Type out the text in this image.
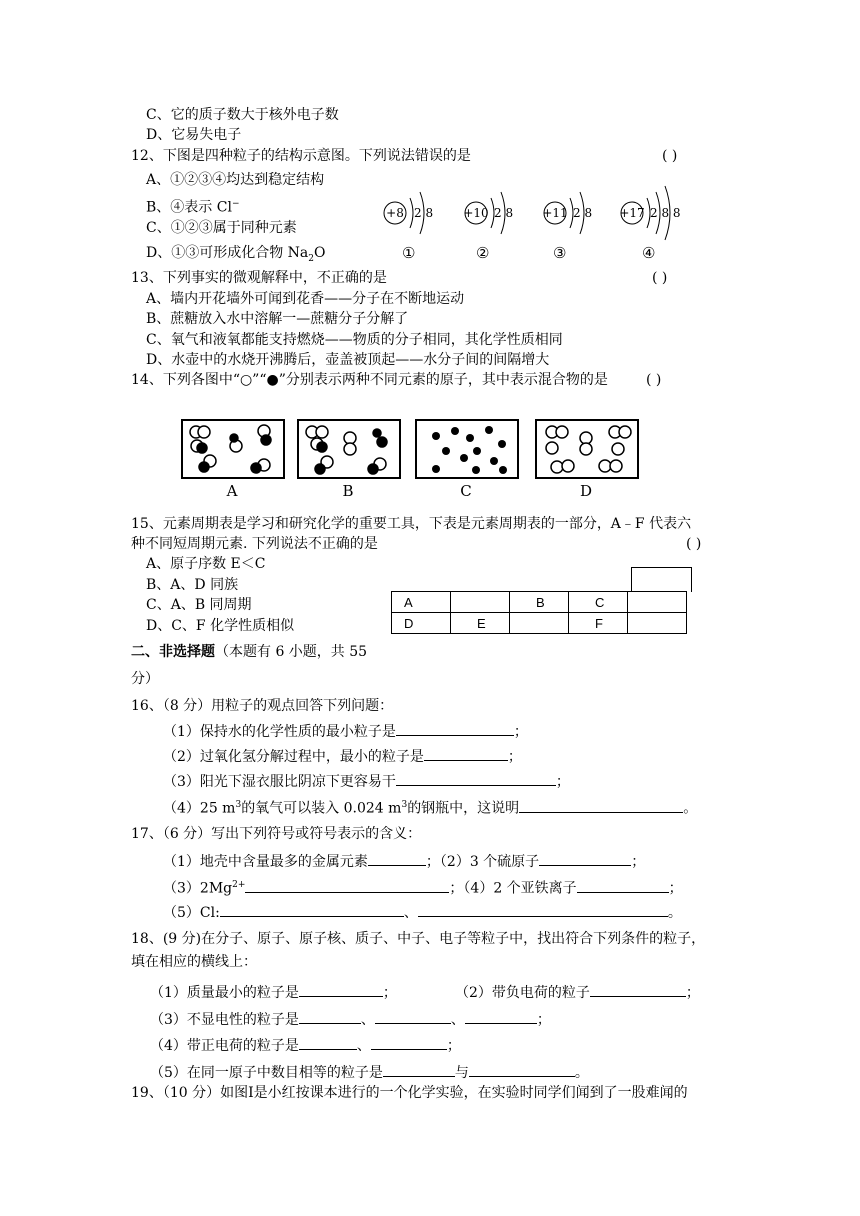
C、它的质子数大于核外电子数
D、它易失电子
12、下图是四种粒子的结构示意图。下列说法错误的是	( )
A、①②③④均达到稳定结构
B、④表示 Cl−
C、①②③属于同种元素
D、①③可形成化合物 $Na_2O$
+8 2 8	+10 2 8 +11 2 8 +17 2 8 8
①	②	③	④
13、下列事实的微观解释中，不正确的是	( )
A、墙内开花墙外可闻到花香——分子在不断地运动
B、蔗糖放入水中溶解一—蔗糖分子分解了
C、氧气和液氧都能支持燃烧——物质的分子相同，其化学性质相同
D、水壶中的水烧开沸腾后，壶盖被顶起——水分子间的间隔增大
14、下列各图中“○”“●”分别表示两种不同元素的原子，其中表示混合物的是	( )
A	B	C	D
15、元素周期表是学习和研究化学的重要工具，下表是元素周期表的一部分，A﹣F 代表六
种不同短周期元素. 下列说法不正确的是	( )
A、原子序数 E＜C
B、A、D 同族
C、A、B 同周期
D、C、F 化学性质相似
A		B	C	
D	E		F	
二、非选择题（本题有 6 小题，共 55
分）
16、（8 分）用粒子的观点回答下列问题：
（1）保持水的化学性质的最小粒子是	；
（2）过氧化氢分解过程中，最小的粒子是	；
（3）阳光下湿衣服比阴凉下更容易干	；
（4）25 $m^3$的氧气可以装入 0.024 $m^3$的钢瓶中，这说明	。
17、（6 分）写出下列符号或符号表示的含义：
（1）地壳中含量最多的金属元素	；（2）3 个硫原子	；
$(3)2Mg^{2+}$	；（4）2 个亚铁离子	；
（5）Cl:	、	。
18、(9 分)在分子、原子、原子核、质子、中子、电子等粒子中，找出符合下列条件的粒子，
填在相应的横线上：
（1）质量最小的粒子是	；	（2）带负电荷的粒子	；
（3）不显电性的粒子是	、	、	；
（4）带正电荷的粒子是	、	；
（5）在同一原子中数目相等的粒子是	与	。
19、（10 分）如图Ⅰ是小红按课本进行的一个化学实验，在实验时同学们闻到了一股难闻的
